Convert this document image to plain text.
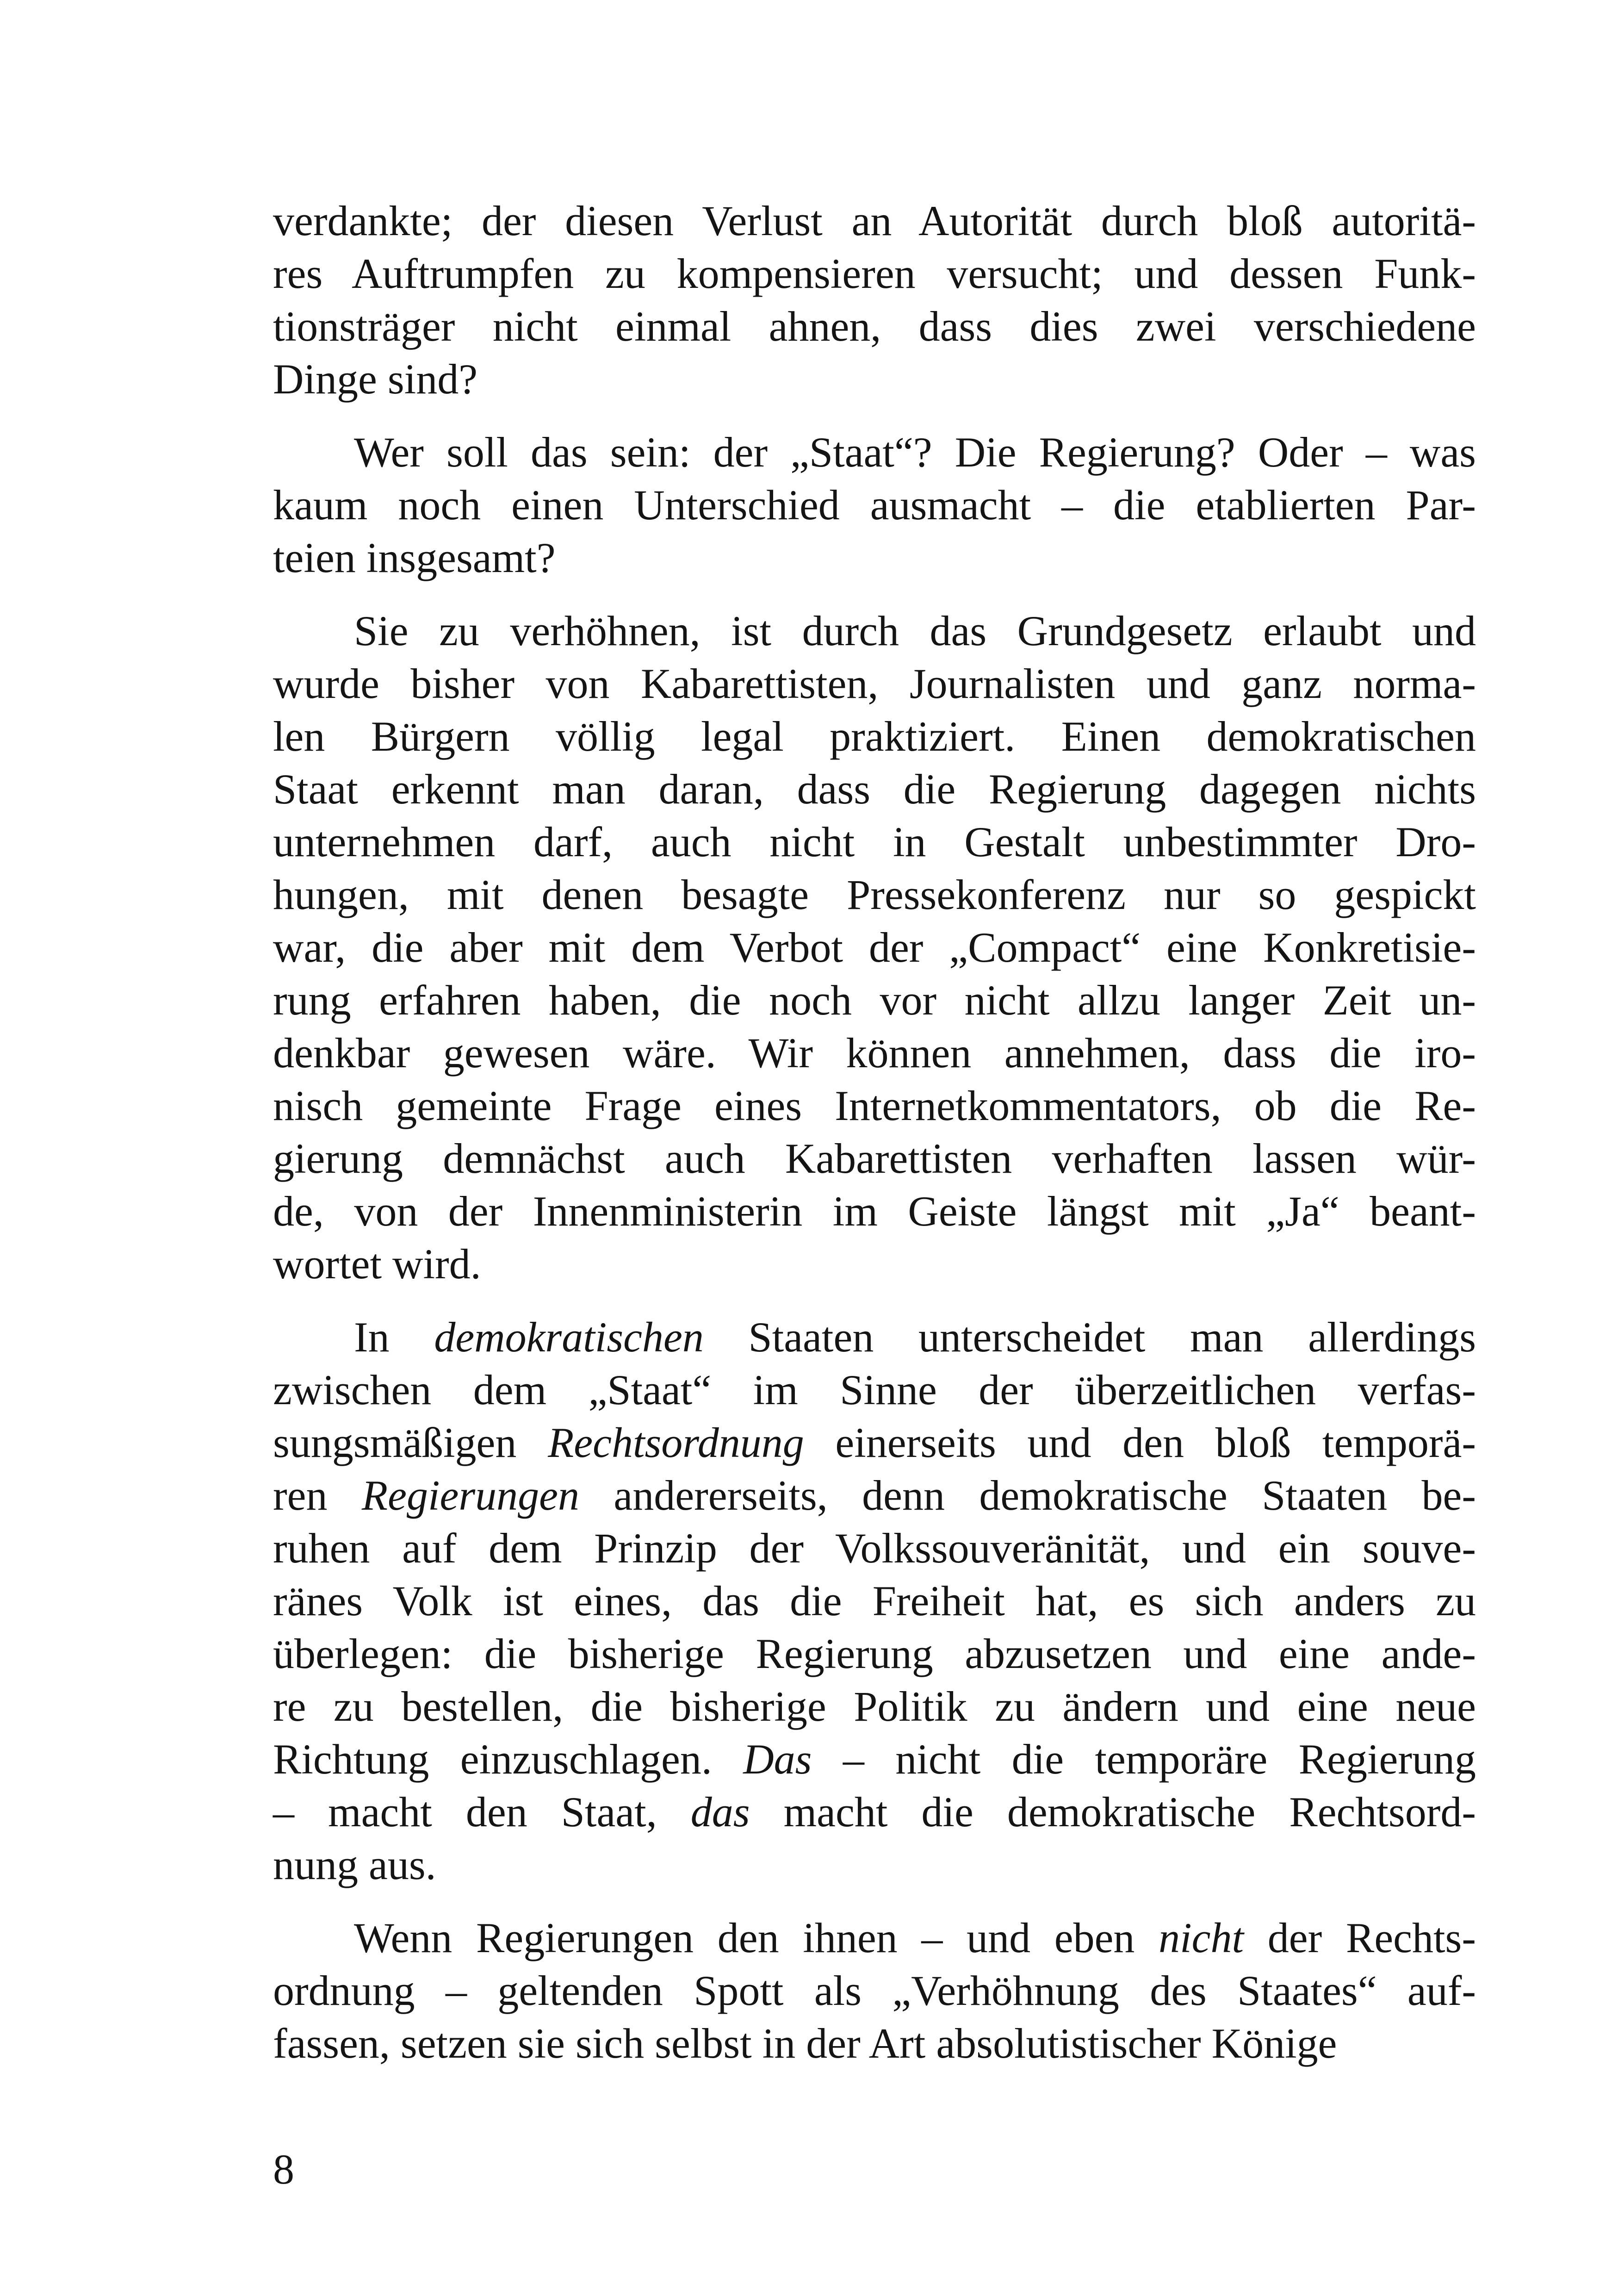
verdankte; der diesen Verlust an Autorität durch bloß autoritä-
res Auftrumpfen zu kompensieren versucht; und dessen Funk-
tionsträger nicht einmal ahnen, dass dies zwei verschiedene
Dinge sind?
Wer soll das sein: der „Staat“? Die Regierung? Oder – was
kaum noch einen Unterschied ausmacht – die etablierten Par-
teien insgesamt?
Sie zu verhöhnen, ist durch das Grundgesetz erlaubt und
wurde bisher von Kabarettisten, Journalisten und ganz norma-
len Bürgern völlig legal praktiziert. Einen demokratischen
Staat erkennt man daran, dass die Regierung dagegen nichts
unternehmen darf, auch nicht in Gestalt unbestimmter Dro-
hungen, mit denen besagte Pressekonferenz nur so gespickt
war, die aber mit dem Verbot der „Compact“ eine Konkretisie-
rung erfahren haben, die noch vor nicht allzu langer Zeit un-
denkbar gewesen wäre. Wir können annehmen, dass die iro-
nisch gemeinte Frage eines Internetkommentators, ob die Re-
gierung demnächst auch Kabarettisten verhaften lassen wür-
de, von der Innenministerin im Geiste längst mit „Ja“ beant-
wortet wird.
In demokratischen Staaten unterscheidet man allerdings
zwischen dem „Staat“ im Sinne der überzeitlichen verfas-
sungsmäßigen Rechtsordnung einerseits und den bloß temporä-
ren Regierungen andererseits, denn demokratische Staaten be-
ruhen auf dem Prinzip der Volkssouveränität, und ein souve-
ränes Volk ist eines, das die Freiheit hat, es sich anders zu
überlegen: die bisherige Regierung abzusetzen und eine ande-
re zu bestellen, die bisherige Politik zu ändern und eine neue
Richtung einzuschlagen. Das – nicht die temporäre Regierung
– macht den Staat, das macht die demokratische Rechtsord-
nung aus.
Wenn Regierungen den ihnen – und eben nicht der Rechts-
ordnung – geltenden Spott als „Verhöhnung des Staates“ auf-
fassen, setzen sie sich selbst in der Art absolutistischer Könige
8
